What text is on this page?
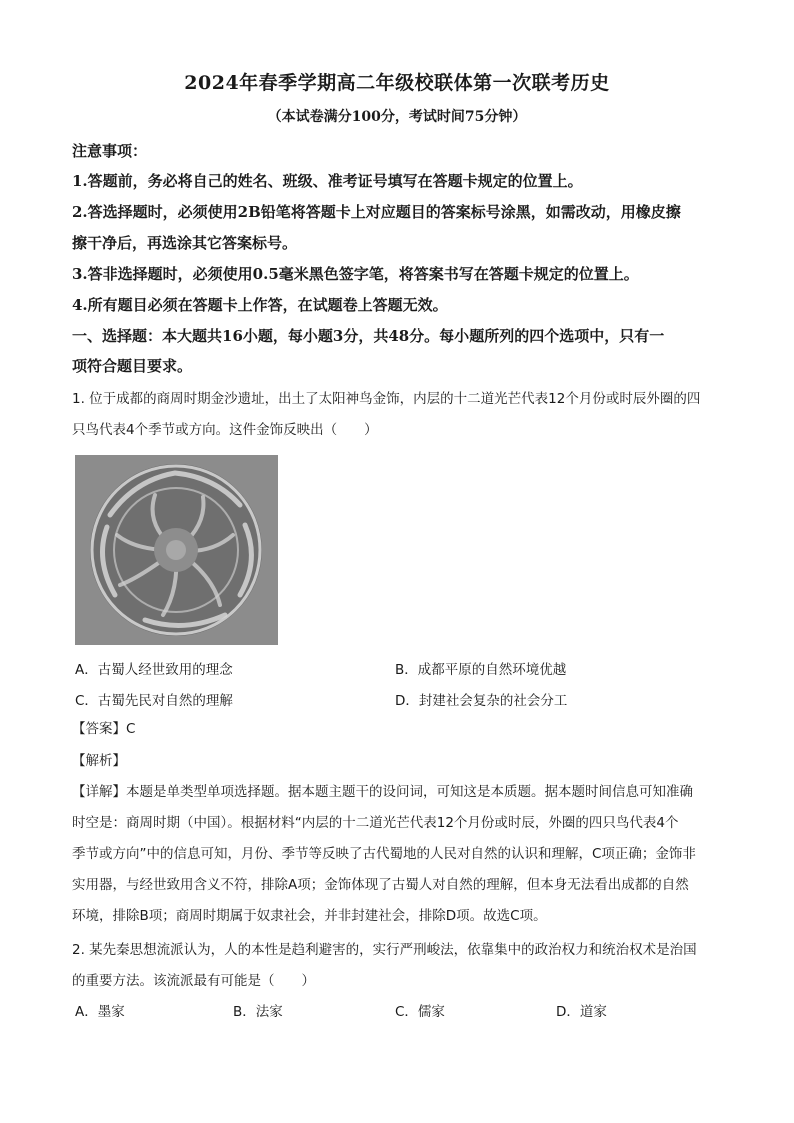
2024年春季学期高二年级校联体第一次联考历史
（本试卷满分100分，考试时间75分钟）
注意事项：
1.答题前，务必将自己的姓名、班级、准考证号填写在答题卡规定的位置上。
2.答选择题时，必须使用2B铅笔将答题卡上对应题目的答案标号涂黑，如需改动，用橡皮擦
擦干净后，再选涂其它答案标号。
3.答非选择题时，必须使用0.5毫米黑色签字笔，将答案书写在答题卡规定的位置上。
4.所有题目必须在答题卡上作答，在试题卷上答题无效。
一、选择题：本大题共16小题，每小题3分，共48分。每小题所列的四个选项中，只有一
项符合题目要求。
1. 位于成都的商周时期金沙遗址，出土了太阳神鸟金饰，内层的十二道光芒代表12个月份或时辰外圈的四
只鸟代表4个季节或方向。这件金饰反映出（　　）
A．古蜀人经世致用的理念	B．成都平原的自然环境优越
C．古蜀先民对自然的理解	D．封建社会复杂的社会分工
【答案】C
【解析】
【详解】本题是单类型单项选择题。据本题主题干的设问词，可知这是本质题。据本题时间信息可知准确
时空是：商周时期（中国）。根据材料“内层的十二道光芒代表12个月份或时辰，外圈的四只鸟代表4个
季节或方向”中的信息可知，月份、季节等反映了古代蜀地的人民对自然的认识和理解，C项正确；金饰非
实用器，与经世致用含义不符，排除A项；金饰体现了古蜀人对自然的理解，但本身无法看出成都的自然
环境，排除B项；商周时期属于奴隶社会，并非封建社会，排除D项。故选C项。
2. 某先秦思想流派认为，人的本性是趋利避害的，实行严刑峻法，依靠集中的政治权力和统治权术是治国
的重要方法。该流派最有可能是（　　）
A．墨家	B．法家	C．儒家	D．道家
